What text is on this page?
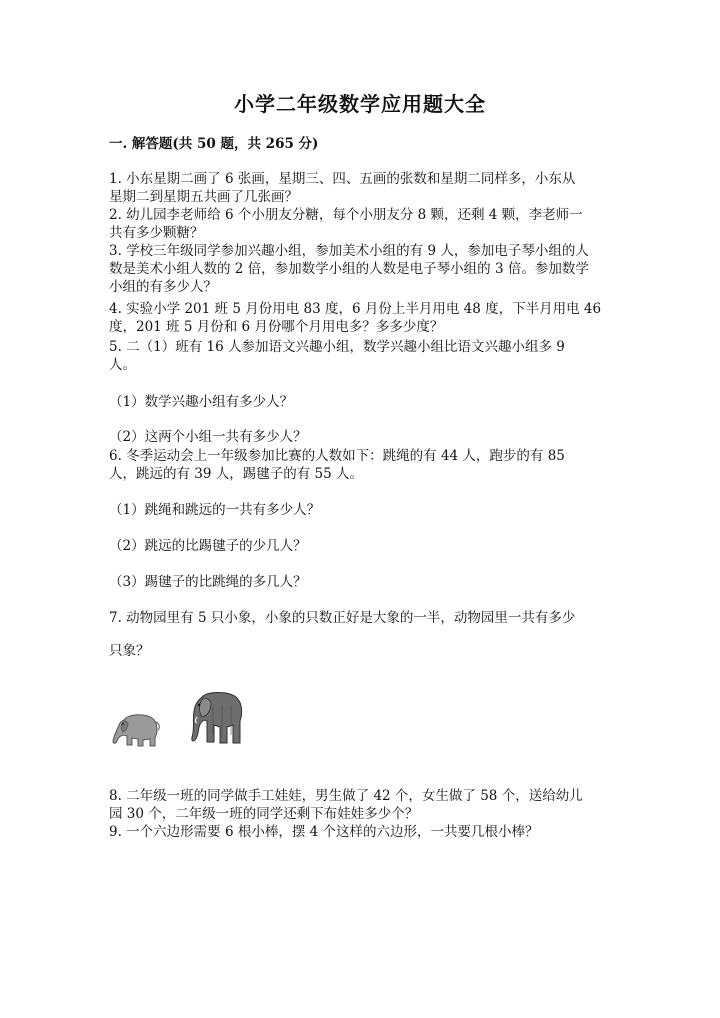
小学二年级数学应用题大全
一. 解答题(共 50 题，共 265 分)
1. 小东星期二画了 6 张画，星期三、四、五画的张数和星期二同样多，小东从
星期二到星期五共画了几张画？
2. 幼儿园李老师给 6 个小朋友分糖，每个小朋友分 8 颗，还剩 4 颗，李老师一
共有多少颗糖？
3. 学校三年级同学参加兴趣小组，参加美术小组的有 9 人，参加电子琴小组的人
数是美术小组人数的 2 倍，参加数学小组的人数是电子琴小组的 3 倍。参加数学
小组的有多少人？
4. 实验小学 201 班 5 月份用电 83 度，6 月份上半月用电 48 度，下半月用电 46
度，201 班 5 月份和 6 月份哪个月用电多？多多少度？
5. 二（1）班有 16 人参加语文兴趣小组，数学兴趣小组比语文兴趣小组多 9
人。
（1）数学兴趣小组有多少人？
（2）这两个小组一共有多少人？
6. 冬季运动会上一年级参加比赛的人数如下：跳绳的有 44 人，跑步的有 85
人，跳远的有 39 人，踢毽子的有 55 人。
（1）跳绳和跳远的一共有多少人？
（2）跳远的比踢毽子的少几人？
（3）踢毽子的比跳绳的多几人？
7. 动物园里有 5 只小象，小象的只数正好是大象的一半，动物园里一共有多少
只象？
8. 二年级一班的同学做手工娃娃，男生做了 42 个，女生做了 58 个，送给幼儿
园 30 个，二年级一班的同学还剩下布娃娃多少个？
9. 一个六边形需要 6 根小棒，摆 4 个这样的六边形，一共要几根小棒？
